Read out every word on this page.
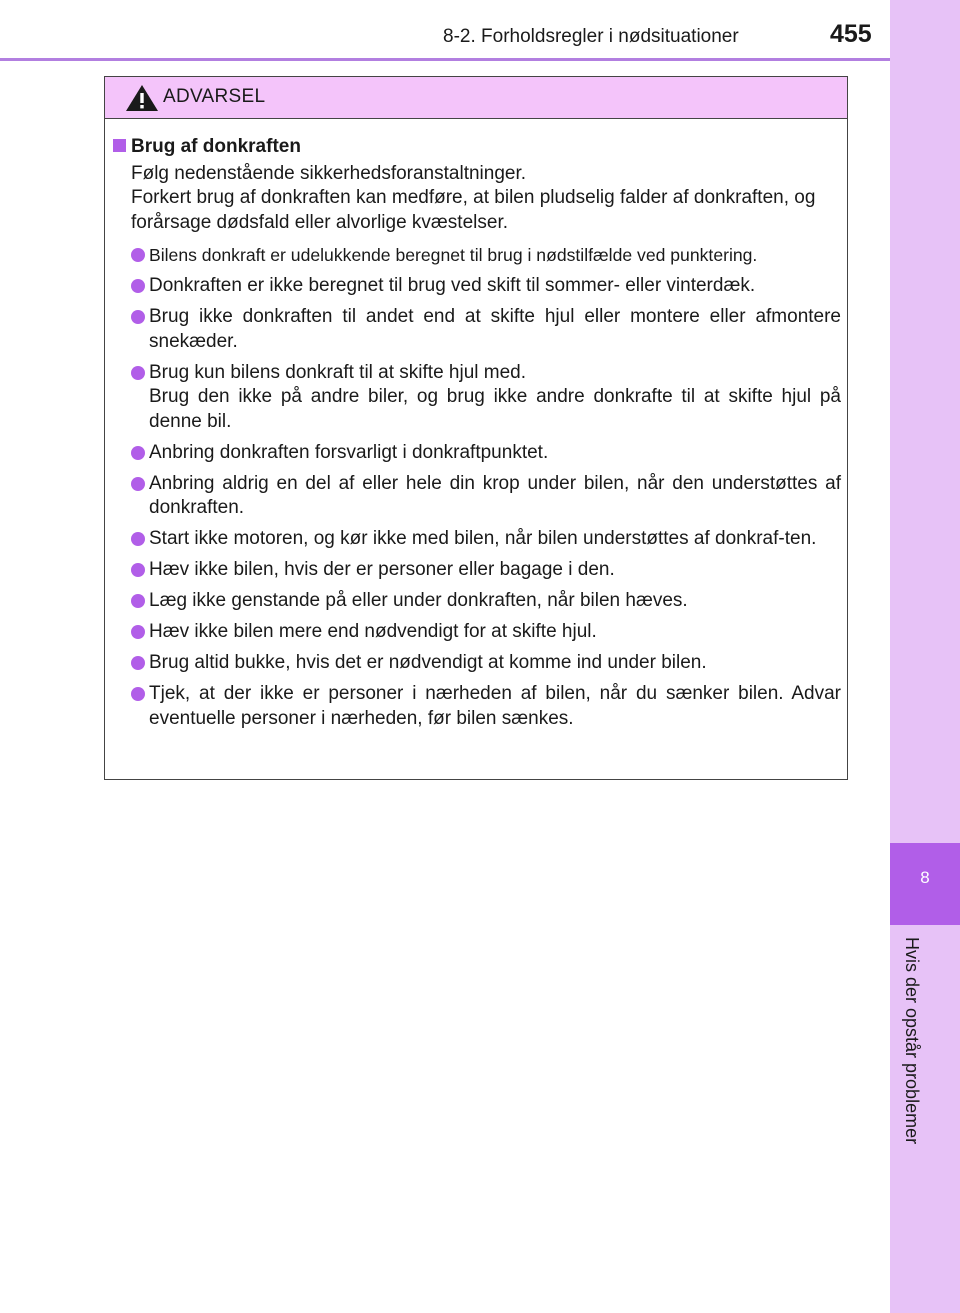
8-2. Forholdsregler i nødsituationer	455
8
Hvis der opstår problemer
ADVARSEL
Brug af donkraften

Følg nedenstående sikkerhedsforanstaltninger.

Forkert brug af donkraften kan medføre, at bilen pludselig falder af donkraften, og forårsage dødsfald eller alvorlige kvæstelser.

Bilens donkraft er udelukkende beregnet til brug i nødstilfælde ved punktering.
Donkraften er ikke beregnet til brug ved skift til sommer- eller vinterdæk.
Brug ikke donkraften til andet end at skifte hjul eller montere eller afmontere snekæder.
Brug kun bilens donkraft til at skifte hjul med.
Brug den ikke på andre biler, og brug ikke andre donkrafte til at skifte hjul på denne bil.
Anbring donkraften forsvarligt i donkraftpunktet.
Anbring aldrig en del af eller hele din krop under bilen, når den understøttes af donkraften.
Start ikke motoren, og kør ikke med bilen, når bilen understøttes af donkraf-ten.
Hæv ikke bilen, hvis der er personer eller bagage i den.
Læg ikke genstande på eller under donkraften, når bilen hæves.
Hæv ikke bilen mere end nødvendigt for at skifte hjul.
Brug altid bukke, hvis det er nødvendigt at komme ind under bilen.
Tjek, at der ikke er personer i nærheden af bilen, når du sænker bilen. Advar eventuelle personer i nærheden, før bilen sænkes.
